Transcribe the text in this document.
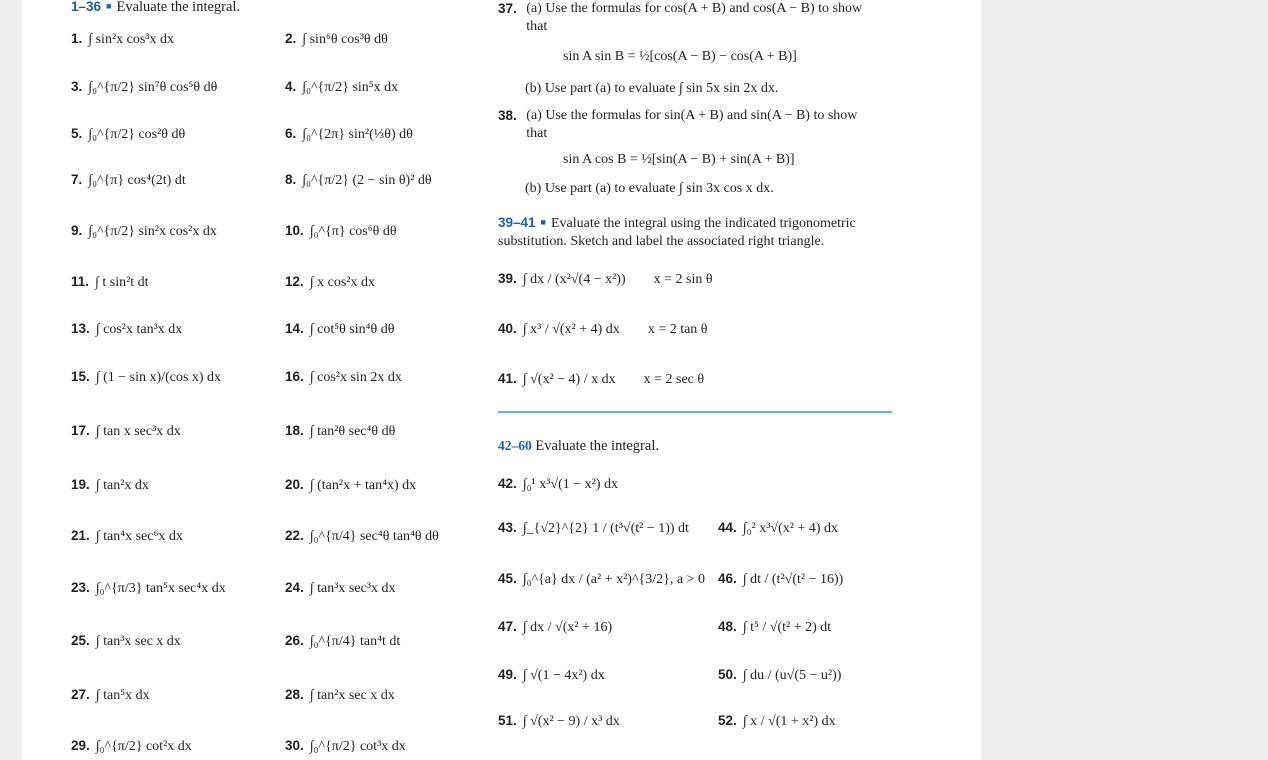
1–36 ■ Evaluate the integral.
1. ∫ sin²x cos³x dx	2. ∫ sin⁶θ cos³θ dθ
3. ∫₀^{π/2} sin⁷θ cos⁵θ dθ	4. ∫₀^{π/2} sin⁵x dx
5. ∫₀^{π/2} cos²θ dθ	6. ∫₀^{2π} sin²(⅓θ) dθ
7. ∫₀^{π} cos⁴(2t) dt	8. ∫₀^{π/2} (2 − sin θ)² dθ
9. ∫₀^{π/2} sin²x cos²x dx	10. ∫₀^{π} cos⁶θ dθ
11. ∫ t sin²t dt	12. ∫ x cos²x dx
13. ∫ cos²x tan³x dx	14. ∫ cot⁵θ sin⁴θ dθ
15. ∫ (1 − sin x)/(cos x) dx	16. ∫ cos²x sin 2x dx
17. ∫ tan x sec³x dx	18. ∫ tan²θ sec⁴θ dθ
19. ∫ tan²x dx	20. ∫ (tan²x + tan⁴x) dx
21. ∫ tan⁴x sec⁶x dx	22. ∫₀^{π/4} sec⁴θ tan⁴θ dθ
23. ∫₀^{π/3} tan⁵x sec⁴x dx	24. ∫ tan³x sec³x dx
25. ∫ tan³x sec x dx	26. ∫₀^{π/4} tan⁴t dt
27. ∫ tan⁵x dx	28. ∫ tan²x sec x dx
29. ∫₀^{π/2} cot²x dx	30. ∫₀^{π/2} cot³x dx
37. (a) Use the formulas for cos(A + B) and cos(A − B) to show that
sin A sin B = ½[cos(A − B) − cos(A + B)]
(b) Use part (a) to evaluate ∫ sin 5x sin 2x dx.
38. (a) Use the formulas for sin(A + B) and sin(A − B) to show that
sin A cos B = ½[sin(A − B) + sin(A + B)]
(b) Use part (a) to evaluate ∫ sin 3x cos x dx.
39–41 ■ Evaluate the integral using the indicated trigonometric substitution. Sketch and label the associated right triangle.
39. ∫ dx / (x²√(4 − x²)) x = 2 sin θ
40. ∫ x³ / √(x² + 4) dx x = 2 tan θ
41. ∫ √(x² − 4) / x dx x = 2 sec θ
42–60 Evaluate the integral.
42. ∫₀¹ x³√(1 − x²) dx
43. ∫_{√2}^{2} 1 / (t³√(t² − 1)) dt 44. ∫₀² x³√(x² + 4) dx
45. ∫₀^{a} dx / (a² + x²)^{3/2}, a > 0 46. ∫ dt / (t²√(t² − 16))
47. ∫ dx / √(x² + 16)	48. ∫ t⁵ / √(t² + 2) dt
49. ∫ √(1 − 4x²) dx	50. ∫ du / (u√(5 − u²))
51. ∫ √(x² − 9) / x³ dx	52. ∫ x / √(1 + x²) dx
